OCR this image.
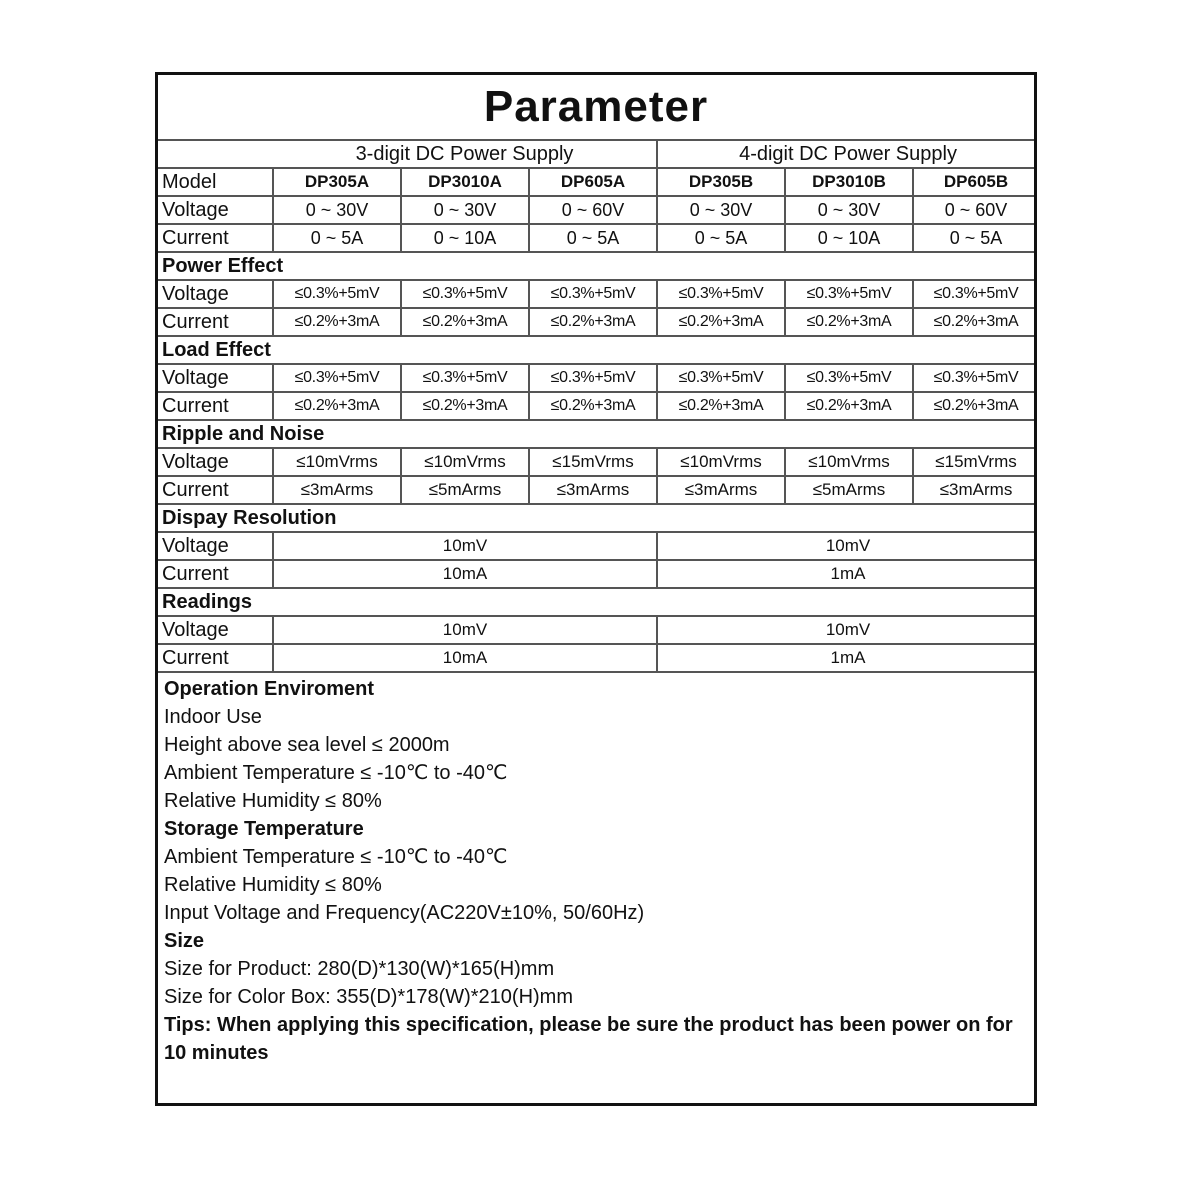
Parameter
	3-digit DC Power Supply			4-digit DC Power Supply		
Model	DP305A	DP3010A	DP605A	DP305B	DP3010B	DP605B
Voltage	0 ~ 30V	0 ~ 30V	0 ~ 60V	0 ~ 30V	0 ~ 30V	0 ~ 60V
Current	0 ~ 5A	0 ~ 10A	0 ~ 5A	0 ~ 5A	0 ~ 10A	0 ~ 5A
Power Effect						
Voltage	≤0.3%+5mV	≤0.3%+5mV	≤0.3%+5mV	≤0.3%+5mV	≤0.3%+5mV	≤0.3%+5mV
Current	≤0.2%+3mA	≤0.2%+3mA	≤0.2%+3mA	≤0.2%+3mA	≤0.2%+3mA	≤0.2%+3mA
Load Effect						
Voltage	≤0.3%+5mV	≤0.3%+5mV	≤0.3%+5mV	≤0.3%+5mV	≤0.3%+5mV	≤0.3%+5mV
Current	≤0.2%+3mA	≤0.2%+3mA	≤0.2%+3mA	≤0.2%+3mA	≤0.2%+3mA	≤0.2%+3mA
Ripple and Noise						
Voltage	≤10mVrms	≤10mVrms	≤15mVrms	≤10mVrms	≤10mVrms	≤15mVrms
Current	≤3mArms	≤5mArms	≤3mArms	≤3mArms	≤5mArms	≤3mArms
Dispay Resolution						
Voltage	10mV			10mV		
Current	10mA			1mA		
Readings						
Voltage	10mV			10mV		
Current	10mA			1mA		
Operation Enviroment
Indoor Use
Height above sea level ≤ 2000m
Ambient Temperature ≤ -10℃ to -40℃
Relative Humidity ≤ 80%
Storage Temperature
Ambient Temperature ≤ -10℃ to -40℃
Relative Humidity ≤ 80%
Input Voltage and Frequency(AC220V±10%, 50/60Hz)
Size
Size for Product: 280(D)*130(W)*165(H)mm
Size for Color Box: 355(D)*178(W)*210(H)mm
Tips: When applying this specification, please be sure the product has been power on for 10 minutes
